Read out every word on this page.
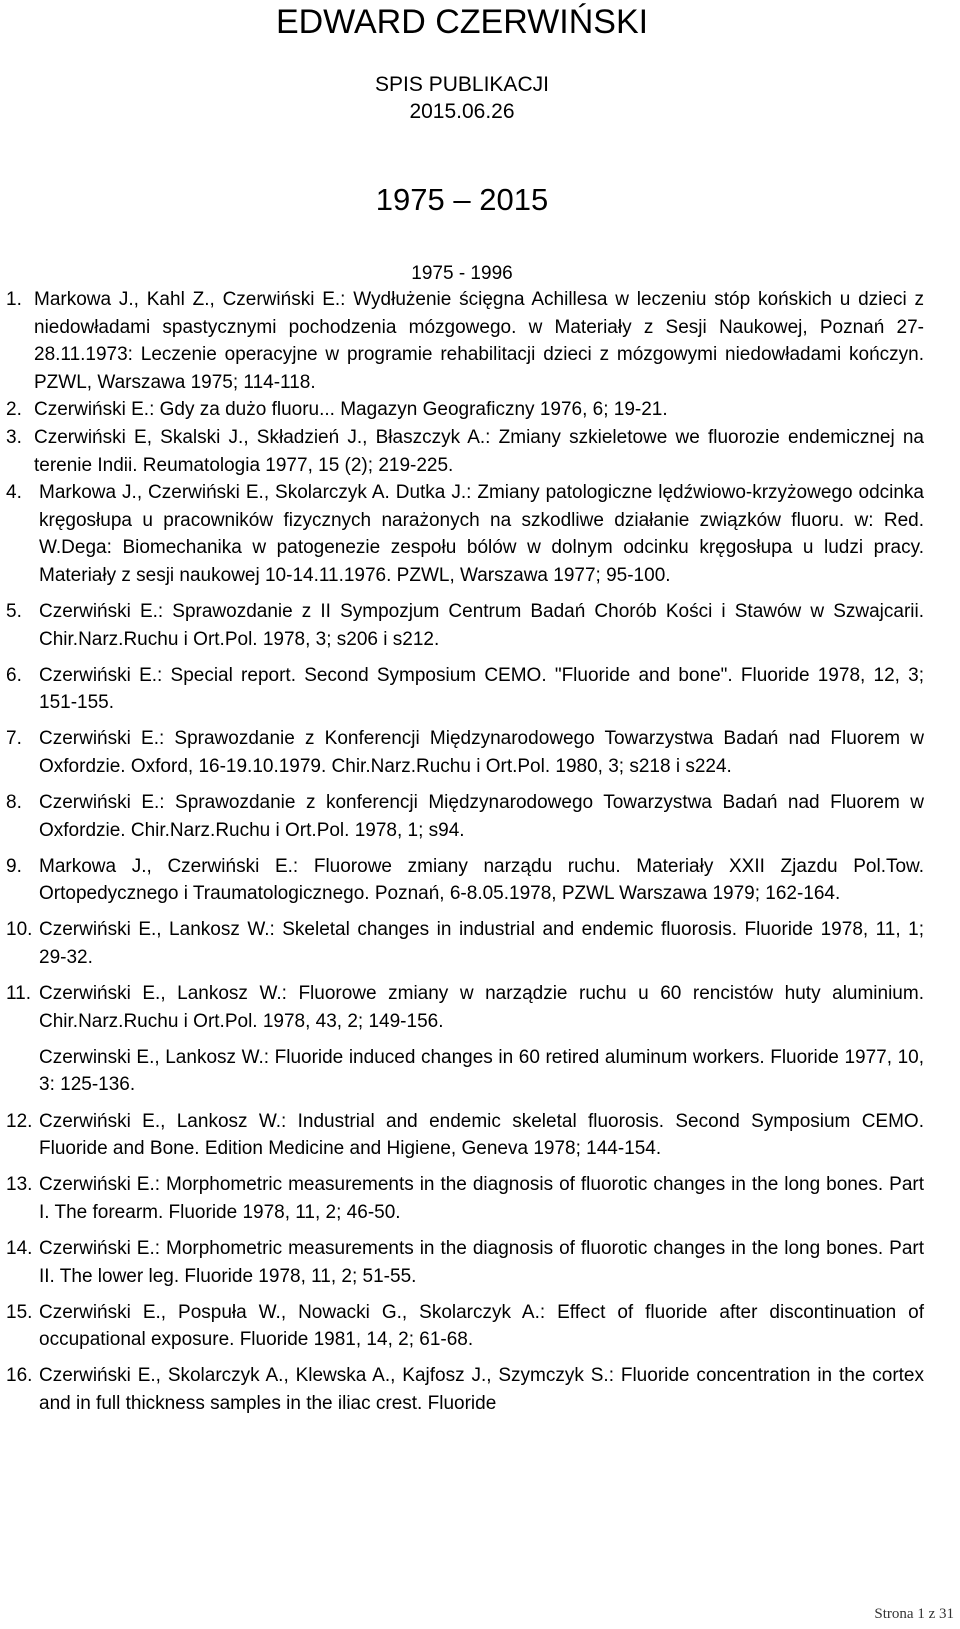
EDWARD CZERWIŃSKI
SPIS PUBLIKACJI
2015.06.26
1975 – 2015
1975 - 1996
1. Markowa J., Kahl Z., Czerwiński E.: Wydłużenie ścięgna Achillesa w leczeniu stóp końskich u dzieci z niedowładami spastycznymi pochodzenia mózgowego. w Materiały z Sesji Naukowej, Poznań 27-28.11.1973: Leczenie operacyjne w programie rehabilitacji dzieci z mózgowymi niedowładami kończyn. PZWL, Warszawa 1975; 114-118.
2. Czerwiński E.: Gdy za dużo fluoru... Magazyn Geograficzny 1976, 6; 19-21.
3. Czerwiński E, Skalski J., Składzień J., Błaszczyk A.: Zmiany szkieletowe we fluorozie endemicznej na terenie Indii. Reumatologia 1977, 15 (2); 219-225.
4. Markowa J., Czerwiński E., Skolarczyk A. Dutka J.: Zmiany patologiczne lędźwiowo-krzyżowego odcinka kręgosłupa u pracowników fizycznych narażonych na szkodliwe działanie związków fluoru. w: Red. W.Dega: Biomechanika w patogenezie zespołu bólów w dolnym odcinku kręgosłupa u ludzi pracy. Materiały z sesji naukowej 10-14.11.1976. PZWL, Warszawa 1977; 95-100.
5. Czerwiński E.: Sprawozdanie z II Sympozjum Centrum Badań Chorób Kości i Stawów w Szwajcarii. Chir.Narz.Ruchu i Ort.Pol. 1978, 3; s206 i s212.
6. Czerwiński E.: Special report. Second Symposium CEMO. "Fluoride and bone". Fluoride 1978, 12, 3; 151-155.
7. Czerwiński E.: Sprawozdanie z Konferencji Międzynarodowego Towarzystwa Badań nad Fluorem w Oxfordzie. Oxford, 16-19.10.1979. Chir.Narz.Ruchu i Ort.Pol. 1980, 3; s218 i s224.
8. Czerwiński E.: Sprawozdanie z konferencji Międzynarodowego Towarzystwa Badań nad Fluorem w Oxfordzie. Chir.Narz.Ruchu i Ort.Pol. 1978, 1; s94.
9. Markowa J., Czerwiński E.: Fluorowe zmiany narządu ruchu. Materiały XXII Zjazdu Pol.Tow. Ortopedycznego i Traumatologicznego. Poznań, 6-8.05.1978, PZWL Warszawa 1979; 162-164.
10. Czerwiński E., Lankosz W.: Skeletal changes in industrial and endemic fluorosis. Fluoride 1978, 11, 1; 29-32.
11. Czerwiński E., Lankosz W.: Fluorowe zmiany w narządzie ruchu u 60 rencistów huty aluminium. Chir.Narz.Ruchu i Ort.Pol. 1978, 43, 2; 149-156.
Czerwinski E., Lankosz W.: Fluoride induced changes in 60 retired aluminum workers. Fluoride 1977, 10, 3: 125-136.
12. Czerwiński E., Lankosz W.: Industrial and endemic skeletal fluorosis. Second Symposium CEMO. Fluoride and Bone. Edition Medicine and Higiene, Geneva 1978; 144-154.
13. Czerwiński E.: Morphometric measurements in the diagnosis of fluorotic changes in the long bones. Part I. The forearm. Fluoride 1978, 11, 2; 46-50.
14. Czerwiński E.: Morphometric measurements in the diagnosis of fluorotic changes in the long bones. Part II. The lower leg. Fluoride 1978, 11, 2; 51-55.
15. Czerwiński E., Pospuła W., Nowacki G., Skolarczyk A.: Effect of fluoride after discontinuation of occupational exposure. Fluoride 1981, 14, 2; 61-68.
16. Czerwiński E., Skolarczyk A., Klewska A., Kajfosz J., Szymczyk S.: Fluoride concentration in the cortex and in full thickness samples in the iliac crest. Fluoride
Strona 1 z 31
